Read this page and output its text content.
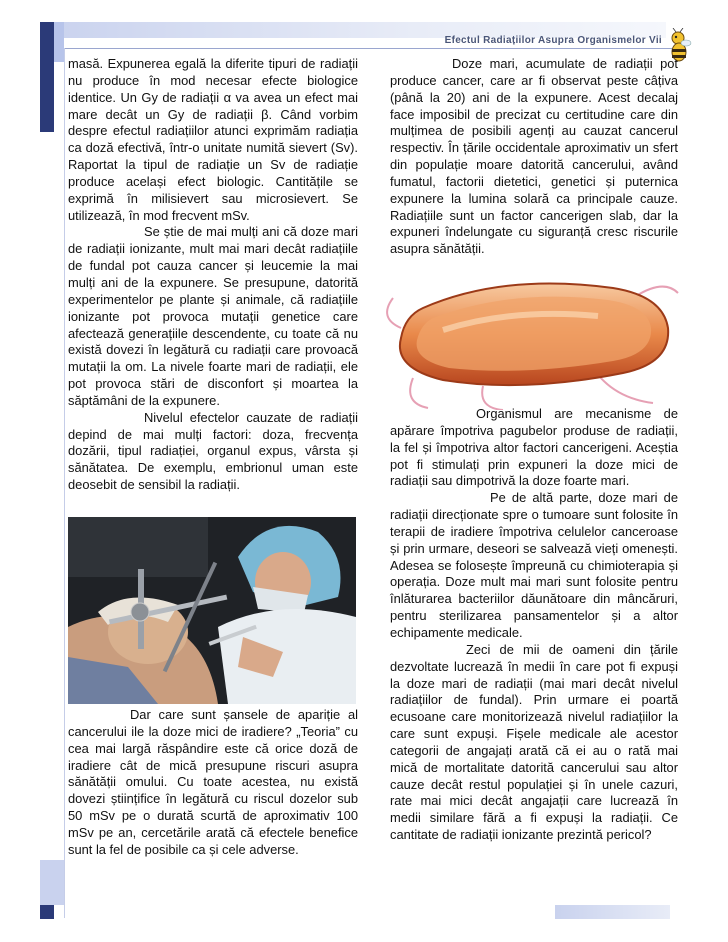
Efectul Radiațiilor Asupra Organismelor Vii

masă. Expunerea egală la diferite tipuri de radiații nu produce în mod necesar efecte biologice identice. Un Gy de radiații α va avea un efect mai mare decât un Gy de radiații β. Când vorbim despre efectul radiațiilor atunci exprimăm radiația ca doză efectivă, într-o unitate numită sievert (Sv). Raportat la tipul de radiație un Sv de radiație produce același efect biologic. Cantitățile se exprimă în milisievert sau microsievert. Se utilizează, în mod frecvent mSv.

Se știe de mai mulți ani că doze mari de radiații ionizante, mult mai mari decât radiațiile de fundal pot cauza cancer și leucemie la mai mulți ani de la expunere. Se presupune, datorită experimentelor pe plante și animale, că radiațiile ionizante pot provoca mutații genetice care afectează generațiile descendente, cu toate că nu există dovezi în legătură cu radiații care provoacă mutații la om. La nivele foarte mari de radiații, ele pot provoca stări de disconfort și moartea la săptămâni de la expunere.

Nivelul efectelor cauzate de radiații depind de mai mulți factori: doza, frecvența dozării, tipul radiației, organul expus, vârsta și sănătatea. De exemplu, embrionul uman este deosebit de sensibil la radiații.

Dar care sunt șansele de apariție al cancerului ile la doze mici de iradiere? „Teoria” cu cea mai largă răspândire este că orice doză de iradiere cât de mică presupune riscuri asupra sănătății omului. Cu toate acestea, nu există dovezi științifice în legătură cu riscul dozelor sub 50 mSv pe o durată scurtă de aproximativ 100 mSv pe an, cercetările arată că efectele benefice sunt la fel de posibile ca și cele adverse.

Doze mari, acumulate de radiații pot produce cancer, care ar fi observat peste câțiva (până la 20) ani de la expunere. Acest decalaj face imposibil de precizat cu certitudine care din mulțimea de posibili agenți au cauzat cancerul respectiv. În țările occidentale aproximativ un sfert din populație moare datorită cancerului, având fumatul, factorii dietetici, genetici și puternica expunere la lumina solară ca principale cauze. Radiațiile sunt un factor cancerigen slab, dar la expuneri îndelungate cu siguranță cresc riscurile asupra sănătății.

Organismul are mecanisme de apărare împotriva pagubelor produse de radiații, la fel și împotriva altor factori cancerigeni. Aceștia pot fi stimulați prin expuneri la doze mici de radiații sau dimpotrivă la doze foarte mari.

Pe de altă parte, doze mari de radiații direcționate spre o tumoare sunt folosite în terapii de iradiere împotriva celulelor canceroase și prin urmare, deseori se salvează vieți omenești. Adesea se folosește împreună cu chimioterapia și operația. Doze mult mai mari sunt folosite pentru înlăturarea bacteriilor dăunătoare din mâncăruri, pentru sterilizarea pansamentelor și a altor echipamente medicale.

Zeci de mii de oameni din țările dezvoltate lucrează în medii în care pot fi expuși la doze mari de radiații (mai mari decât nivelul radiațiilor de fundal). Prin urmare ei poartă ecusoane care monitorizează nivelul radiațiilor la care sunt expuși. Fișele medicale ale acestor categorii de angajați arată că ei au o rată mai mică de mortalitate datorită cancerului sau altor cauze decât restul populației și în unele cazuri, rate mai mici decât angajații care lucrează în medii similare fără a fi expuși la radiații. Ce cantitate de radiații ionizante prezintă pericol?
